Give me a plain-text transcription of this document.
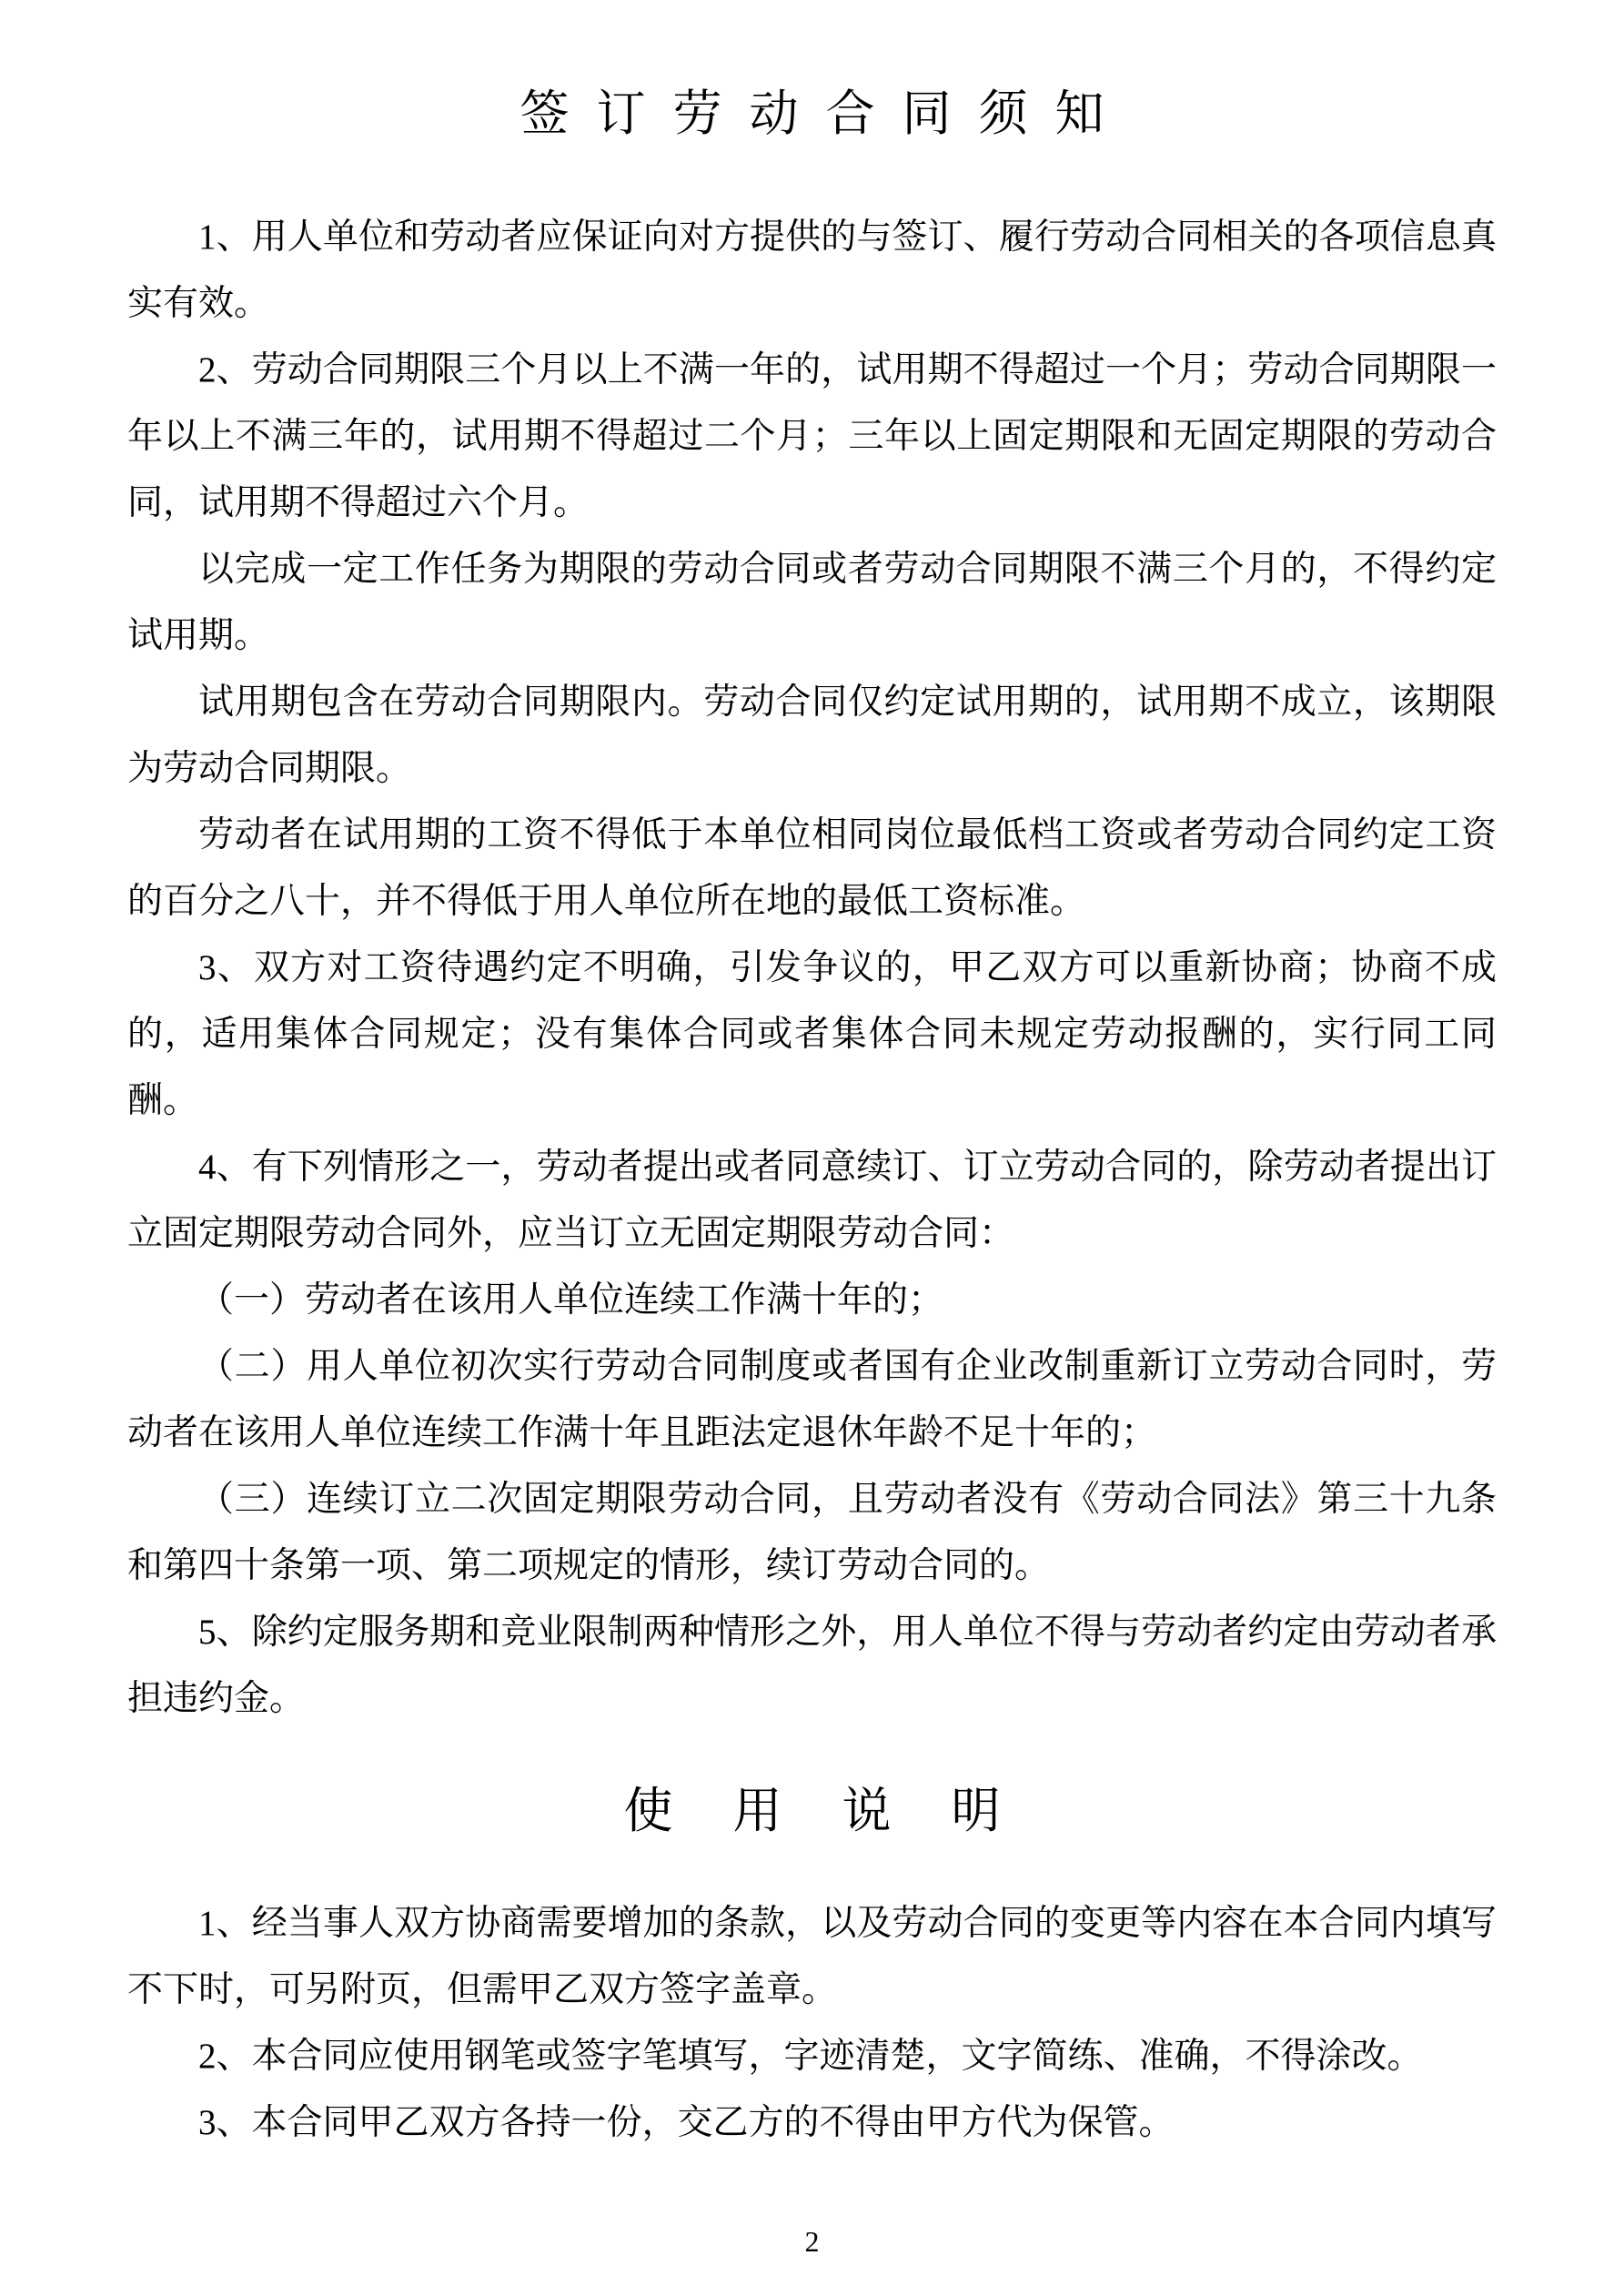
签订劳动合同须知

1、用人单位和劳动者应保证向对方提供的与签订、履行劳动合同相关的各项信息真实有效。

2、劳动合同期限三个月以上不满一年的，试用期不得超过一个月；劳动合同期限一年以上不满三年的，试用期不得超过二个月；三年以上固定期限和无固定期限的劳动合同，试用期不得超过六个月。

以完成一定工作任务为期限的劳动合同或者劳动合同期限不满三个月的，不得约定试用期。

试用期包含在劳动合同期限内。劳动合同仅约定试用期的，试用期不成立，该期限为劳动合同期限。

劳动者在试用期的工资不得低于本单位相同岗位最低档工资或者劳动合同约定工资的百分之八十，并不得低于用人单位所在地的最低工资标准。

3、双方对工资待遇约定不明确，引发争议的，甲乙双方可以重新协商；协商不成的，适用集体合同规定；没有集体合同或者集体合同未规定劳动报酬的，实行同工同酬。

4、有下列情形之一，劳动者提出或者同意续订、订立劳动合同的，除劳动者提出订立固定期限劳动合同外，应当订立无固定期限劳动合同：

（一）劳动者在该用人单位连续工作满十年的；

（二）用人单位初次实行劳动合同制度或者国有企业改制重新订立劳动合同时，劳动者在该用人单位连续工作满十年且距法定退休年龄不足十年的；

（三）连续订立二次固定期限劳动合同，且劳动者没有《劳动合同法》第三十九条和第四十条第一项、第二项规定的情形，续订劳动合同的。

5、除约定服务期和竞业限制两种情形之外，用人单位不得与劳动者约定由劳动者承担违约金。

使用说明

1、经当事人双方协商需要增加的条款，以及劳动合同的变更等内容在本合同内填写不下时，可另附页，但需甲乙双方签字盖章。

2、本合同应使用钢笔或签字笔填写，字迹清楚，文字简练、准确，不得涂改。

3、本合同甲乙双方各持一份，交乙方的不得由甲方代为保管。

2
